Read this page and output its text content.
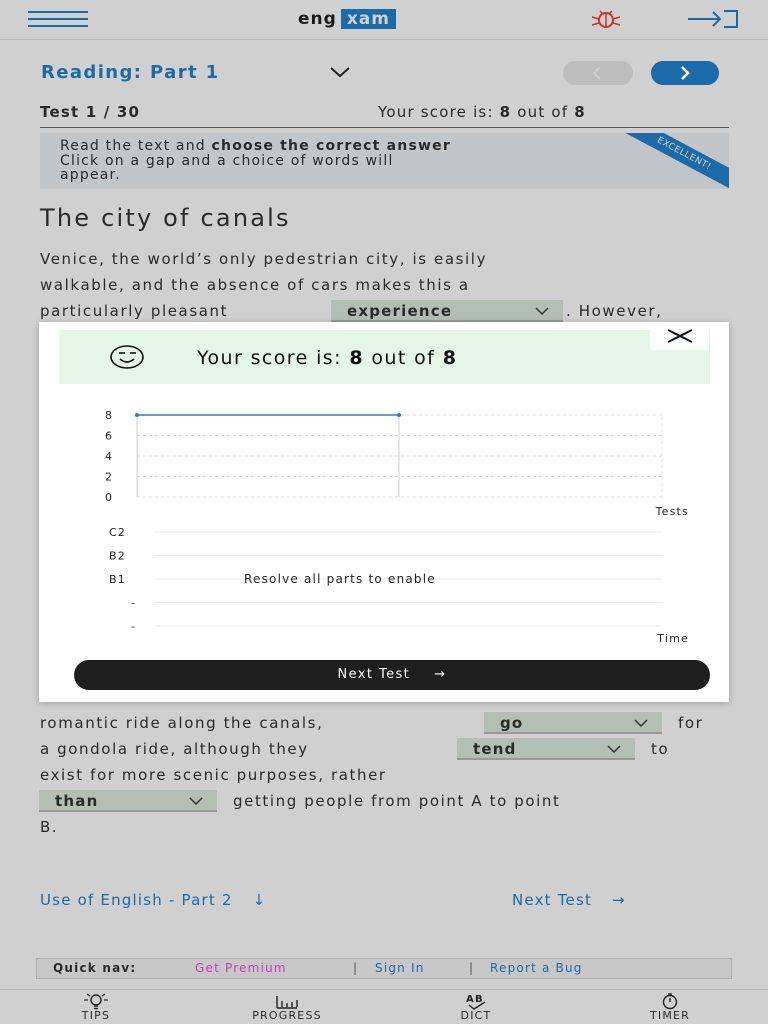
eng xam
Reading: Part 1
Test 1 / 30	Your score is: 8 out of 8

Read the text and choose the correct answer
Click on a gap and a choice of words will
appear.

EXCELLENT!
The city of canals
Venice, the world’s only pedestrian city, is easily
walkable, and the absence of cars makes this a
particularly pleasant	experience	. However,
romantic ride along the canals,	go	for
a gondola ride, although they	tend	to
exist for more scenic purposes, rather
than	getting people from point A to point
B.
Use of English - Part 2 ↓	Next Test →
Quick nav:	Get Premium	| Sign In	| Report a Bug
TIPS	PROGRESS
AB
DICT	TIMER
Your score is: 8 out of 8
0
2
4
6
8
Tests
C2
B2
B1
-
-
Time
Resolve all parts to enable
Next Test →
